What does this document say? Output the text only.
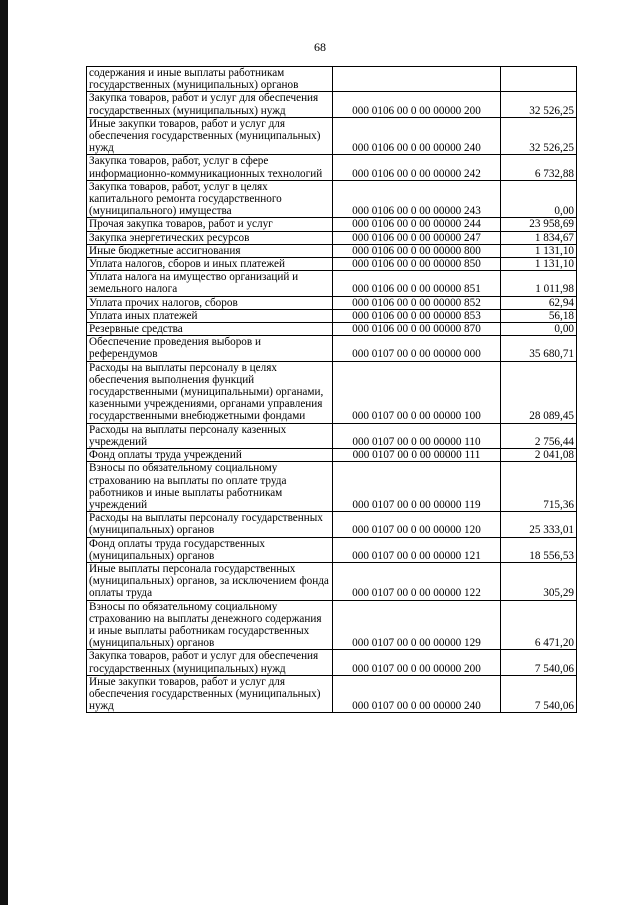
68
содержания и иные выплаты работникам государственных (муниципальных) органов		
Закупка товаров, работ и услуг для обеспечения государственных (муниципальных) нужд	000 0106 00 0 00 00000 200	32 526,25
Иные закупки товаров, работ и услуг для обеспечения государственных (муниципальных) нужд	000 0106 00 0 00 00000 240	32 526,25
Закупка товаров, работ, услуг в сфере информационно-коммуникационных технологий	000 0106 00 0 00 00000 242	6 732,88
Закупка товаров, работ, услуг в целях капитального ремонта государственного (муниципального) имущества	000 0106 00 0 00 00000 243	0,00
Прочая закупка товаров, работ и услуг	000 0106 00 0 00 00000 244	23 958,69
Закупка энергетических ресурсов	000 0106 00 0 00 00000 247	1 834,67
Иные бюджетные ассигнования	000 0106 00 0 00 00000 800	1 131,10
Уплата налогов, сборов и иных платежей	000 0106 00 0 00 00000 850	1 131,10
Уплата налога на имущество организаций и земельного налога	000 0106 00 0 00 00000 851	1 011,98
Уплата прочих налогов, сборов	000 0106 00 0 00 00000 852	62,94
Уплата иных платежей	000 0106 00 0 00 00000 853	56,18
Резервные средства	000 0106 00 0 00 00000 870	0,00
Обеспечение проведения выборов и референдумов	000 0107 00 0 00 00000 000	35 680,71
Расходы на выплаты персоналу в целях обеспечения выполнения функций государственными (муниципальными) органами, казенными учреждениями, органами управления государственными внебюджетными фондами	000 0107 00 0 00 00000 100	28 089,45
Расходы на выплаты персоналу казенных учреждений	000 0107 00 0 00 00000 110	2 756,44
Фонд оплаты труда учреждений	000 0107 00 0 00 00000 111	2 041,08
Взносы по обязательному социальному страхованию на выплаты по оплате труда работников и иные выплаты работникам учреждений	000 0107 00 0 00 00000 119	715,36
Расходы на выплаты персоналу государственных (муниципальных) органов	000 0107 00 0 00 00000 120	25 333,01
Фонд оплаты труда государственных (муниципальных) органов	000 0107 00 0 00 00000 121	18 556,53
Иные выплаты персонала государственных (муниципальных) органов, за исключением фонда оплаты труда	000 0107 00 0 00 00000 122	305,29
Взносы по обязательному социальному страхованию на выплаты денежного содержания и иные выплаты работникам государственных (муниципальных) органов	000 0107 00 0 00 00000 129	6 471,20
Закупка товаров, работ и услуг для обеспечения государственных (муниципальных) нужд	000 0107 00 0 00 00000 200	7 540,06
Иные закупки товаров, работ и услуг для обеспечения государственных (муниципальных) нужд	000 0107 00 0 00 00000 240	7 540,06
